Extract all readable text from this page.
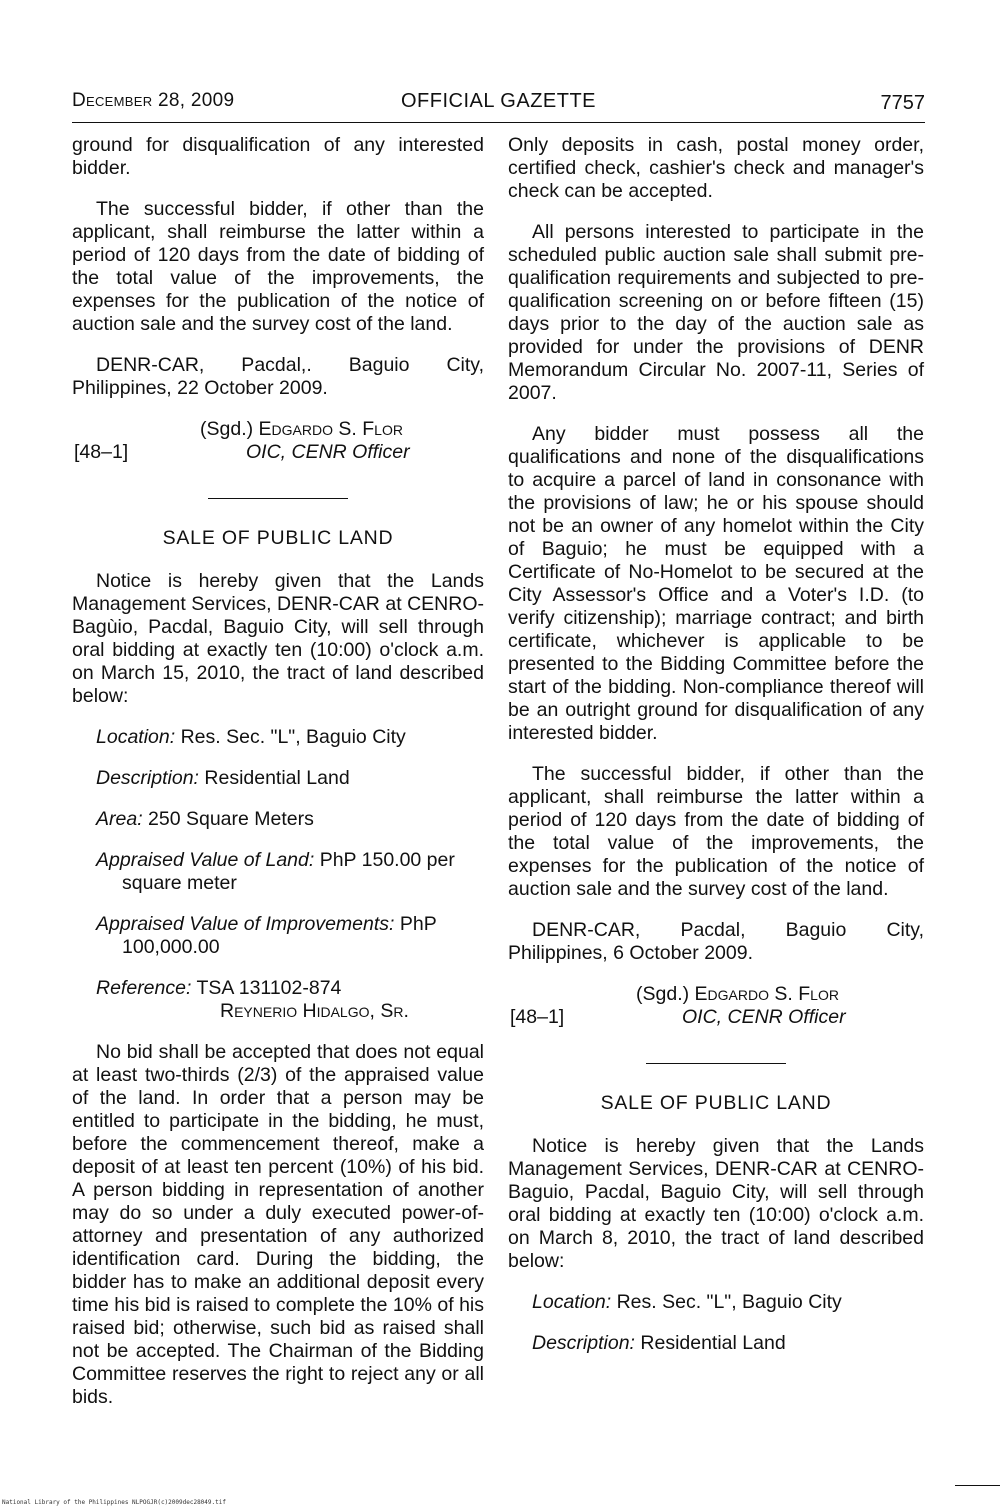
December 28, 2009	OFFICIAL GAZETTE	7757

ground for disqualification of any interested bidder.

The successful bidder, if other than the applicant, shall reimburse the latter within a period of 120 days from the date of bidding of the total value of the improvements, the expenses for the publication of the notice of auction sale and the survey cost of the land.

DENR-CAR, Pacdal,. Baguio City, Philippines, 22 October 2009.

(Sgd.) Edgardo S. Flor
[48–1]	OIC, CENR Officer
SALE OF PUBLIC LAND

Notice is hereby given that the Lands Management Services, DENR-CAR at CENRO-Bagùio, Pacdal, Baguio City, will sell through oral bidding at exactly ten (10:00) o'clock a.m. on March 15, 2010, the tract of land described below:

Location: Res. Sec. "L", Baguio City
Description: Residential Land
Area: 250 Square Meters
Appraised Value of Land: PhP 150.00 per square meter
Appraised Value of Improvements: PhP 100,000.00
Reference: TSA 131102-874
Reynerio Hidalgo, Sr.

No bid shall be accepted that does not equal at least two-thirds (2/3) of the appraised value of the land. In order that a person may be entitled to participate in the bidding, he must, before the commencement thereof, make a deposit of at least ten percent (10%) of his bid. A person bidding in representation of another may do so under a duly executed power-of-attorney and presentation of any authorized identification card. During the bidding, the bidder has to make an additional deposit every time his bid is raised to complete the 10% of his raised bid; otherwise, such bid as raised shall not be accepted. The Chairman of the Bidding Committee reserves the right to reject any or all bids.

Only deposits in cash, postal money order, certified check, cashier's check and manager's check can be accepted.

All persons interested to participate in the scheduled public auction sale shall submit pre-qualification requirements and subjected to pre-qualification screening on or before fifteen (15) days prior to the day of the auction sale as provided for under the provisions of DENR Memorandum Circular No. 2007-11, Series of 2007.

Any bidder must possess all the qualifications and none of the disqualifications to acquire a parcel of land in consonance with the provisions of law; he or his spouse should not be an owner of any homelot within the City of Baguio; he must be equipped with a Certificate of No-Homelot to be secured at the City Assessor's Office and a Voter's I.D. (to verify citizenship); marriage contract; and birth certificate, whichever is applicable to be presented to the Bidding Committee before the start of the bidding. Non-compliance thereof will be an outright ground for disqualification of any interested bidder.

The successful bidder, if other than the applicant, shall reimburse the latter within a period of 120 days from the date of bidding of the total value of the improvements, the expenses for the publication of the notice of auction sale and the survey cost of the land.

DENR-CAR, Pacdal, Baguio City, Philippines, 6 October 2009.

(Sgd.) Edgardo S. Flor
[48–1]	OIC, CENR Officer
SALE OF PUBLIC LAND

Notice is hereby given that the Lands Management Services, DENR-CAR at CENRO-Baguio, Pacdal, Baguio City, will sell through oral bidding at exactly ten (10:00) o'clock a.m. on March 8, 2010, the tract of land described below:

Location: Res. Sec. "L", Baguio City
Description: Residential Land
National Library of the Philippines NLPOGJR(c)2009dec28049.tif
